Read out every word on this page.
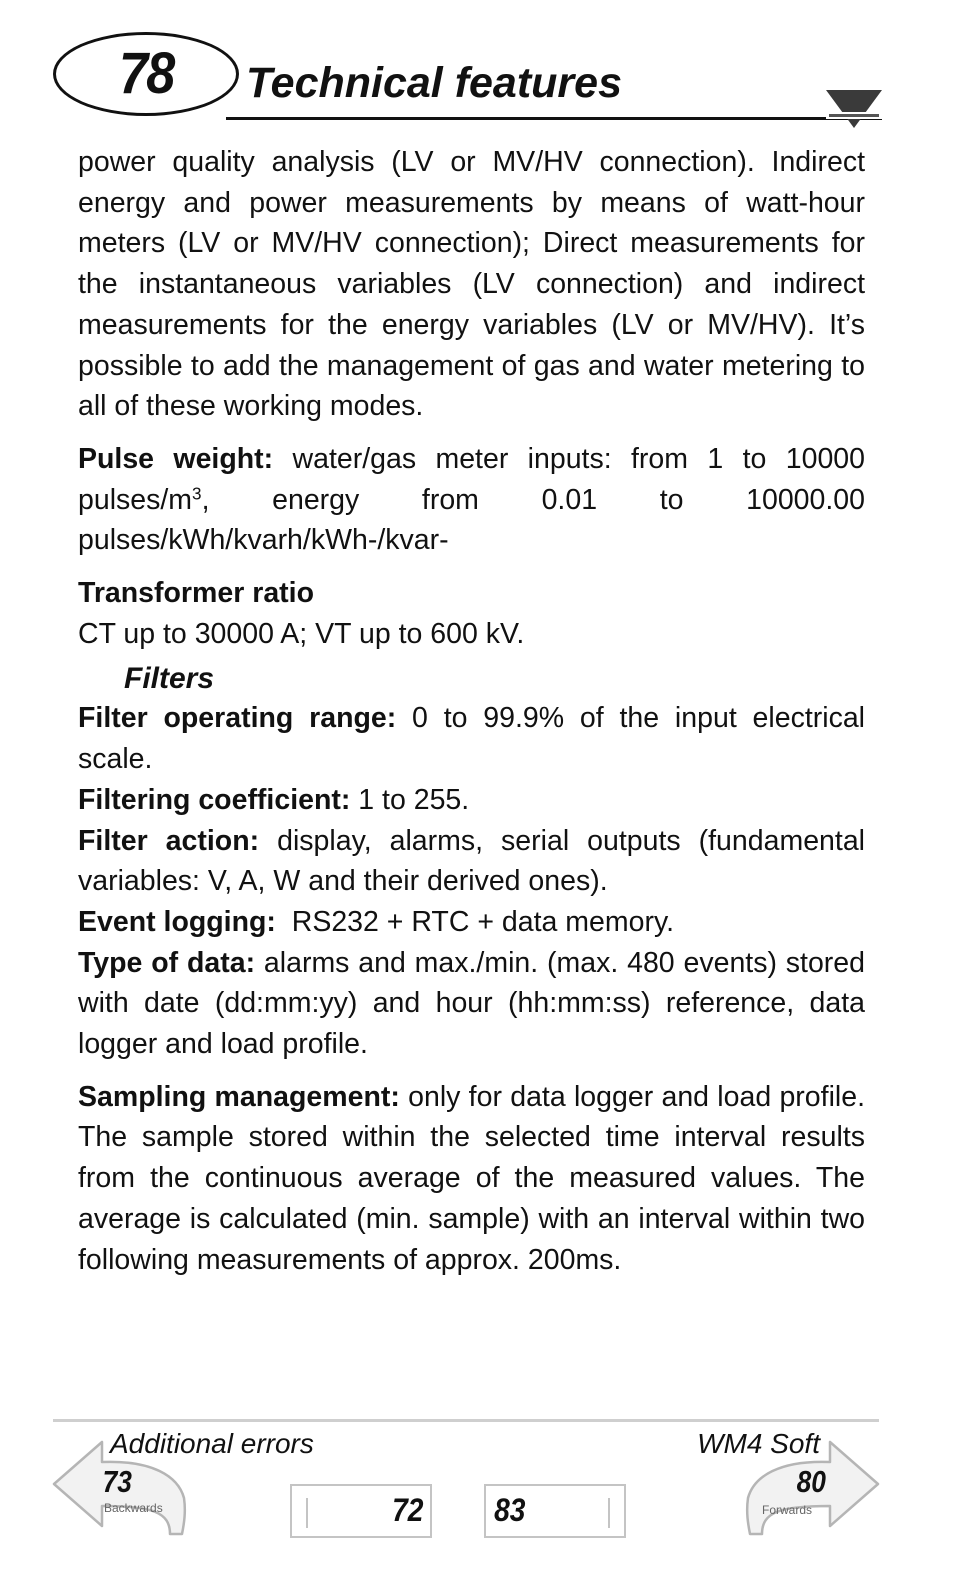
78 Technical features

power quality analysis (LV or MV/HV connection). Indirect energy and power measurements by means of watt-hour meters (LV or MV/HV connection); Direct measurements for the instantaneous variables (LV connection) and indirect measurements for the energy variables (LV or MV/HV). It’s possible to add the management of gas and water metering to all of these working modes.

Pulse weight: water/gas meter inputs: from 1 to 10000 pulses/$m^3$, energy from 0.01 to 10000.00 pulses/kWh/kvarh/kWh-/kvar-

Transformer ratio

CT up to 30000 A; VT up to 600 kV.

Filters

Filter operating range: 0 to 99.9% of the input electrical scale.

Filtering coefficient: 1 to 255.

Filter action: display, alarms, serial outputs (fundamental variables: V, A, W and their derived ones).

Event logging:  RS232 + RTC + data memory.

Type of data: alarms and max./min. (max. 480 events) stored with date (dd:mm:yy) and hour (hh:mm:ss) reference, data logger and load profile.

Sampling management: only for data logger and load profile. The sample stored within the selected time interval results from the continuous average of the measured values. The average is calculated (min. sample) with an interval within two following measurements of approx. 200ms.

Additional errors	WM4 Soft
73
Backwards
80
Forwards
72 83
